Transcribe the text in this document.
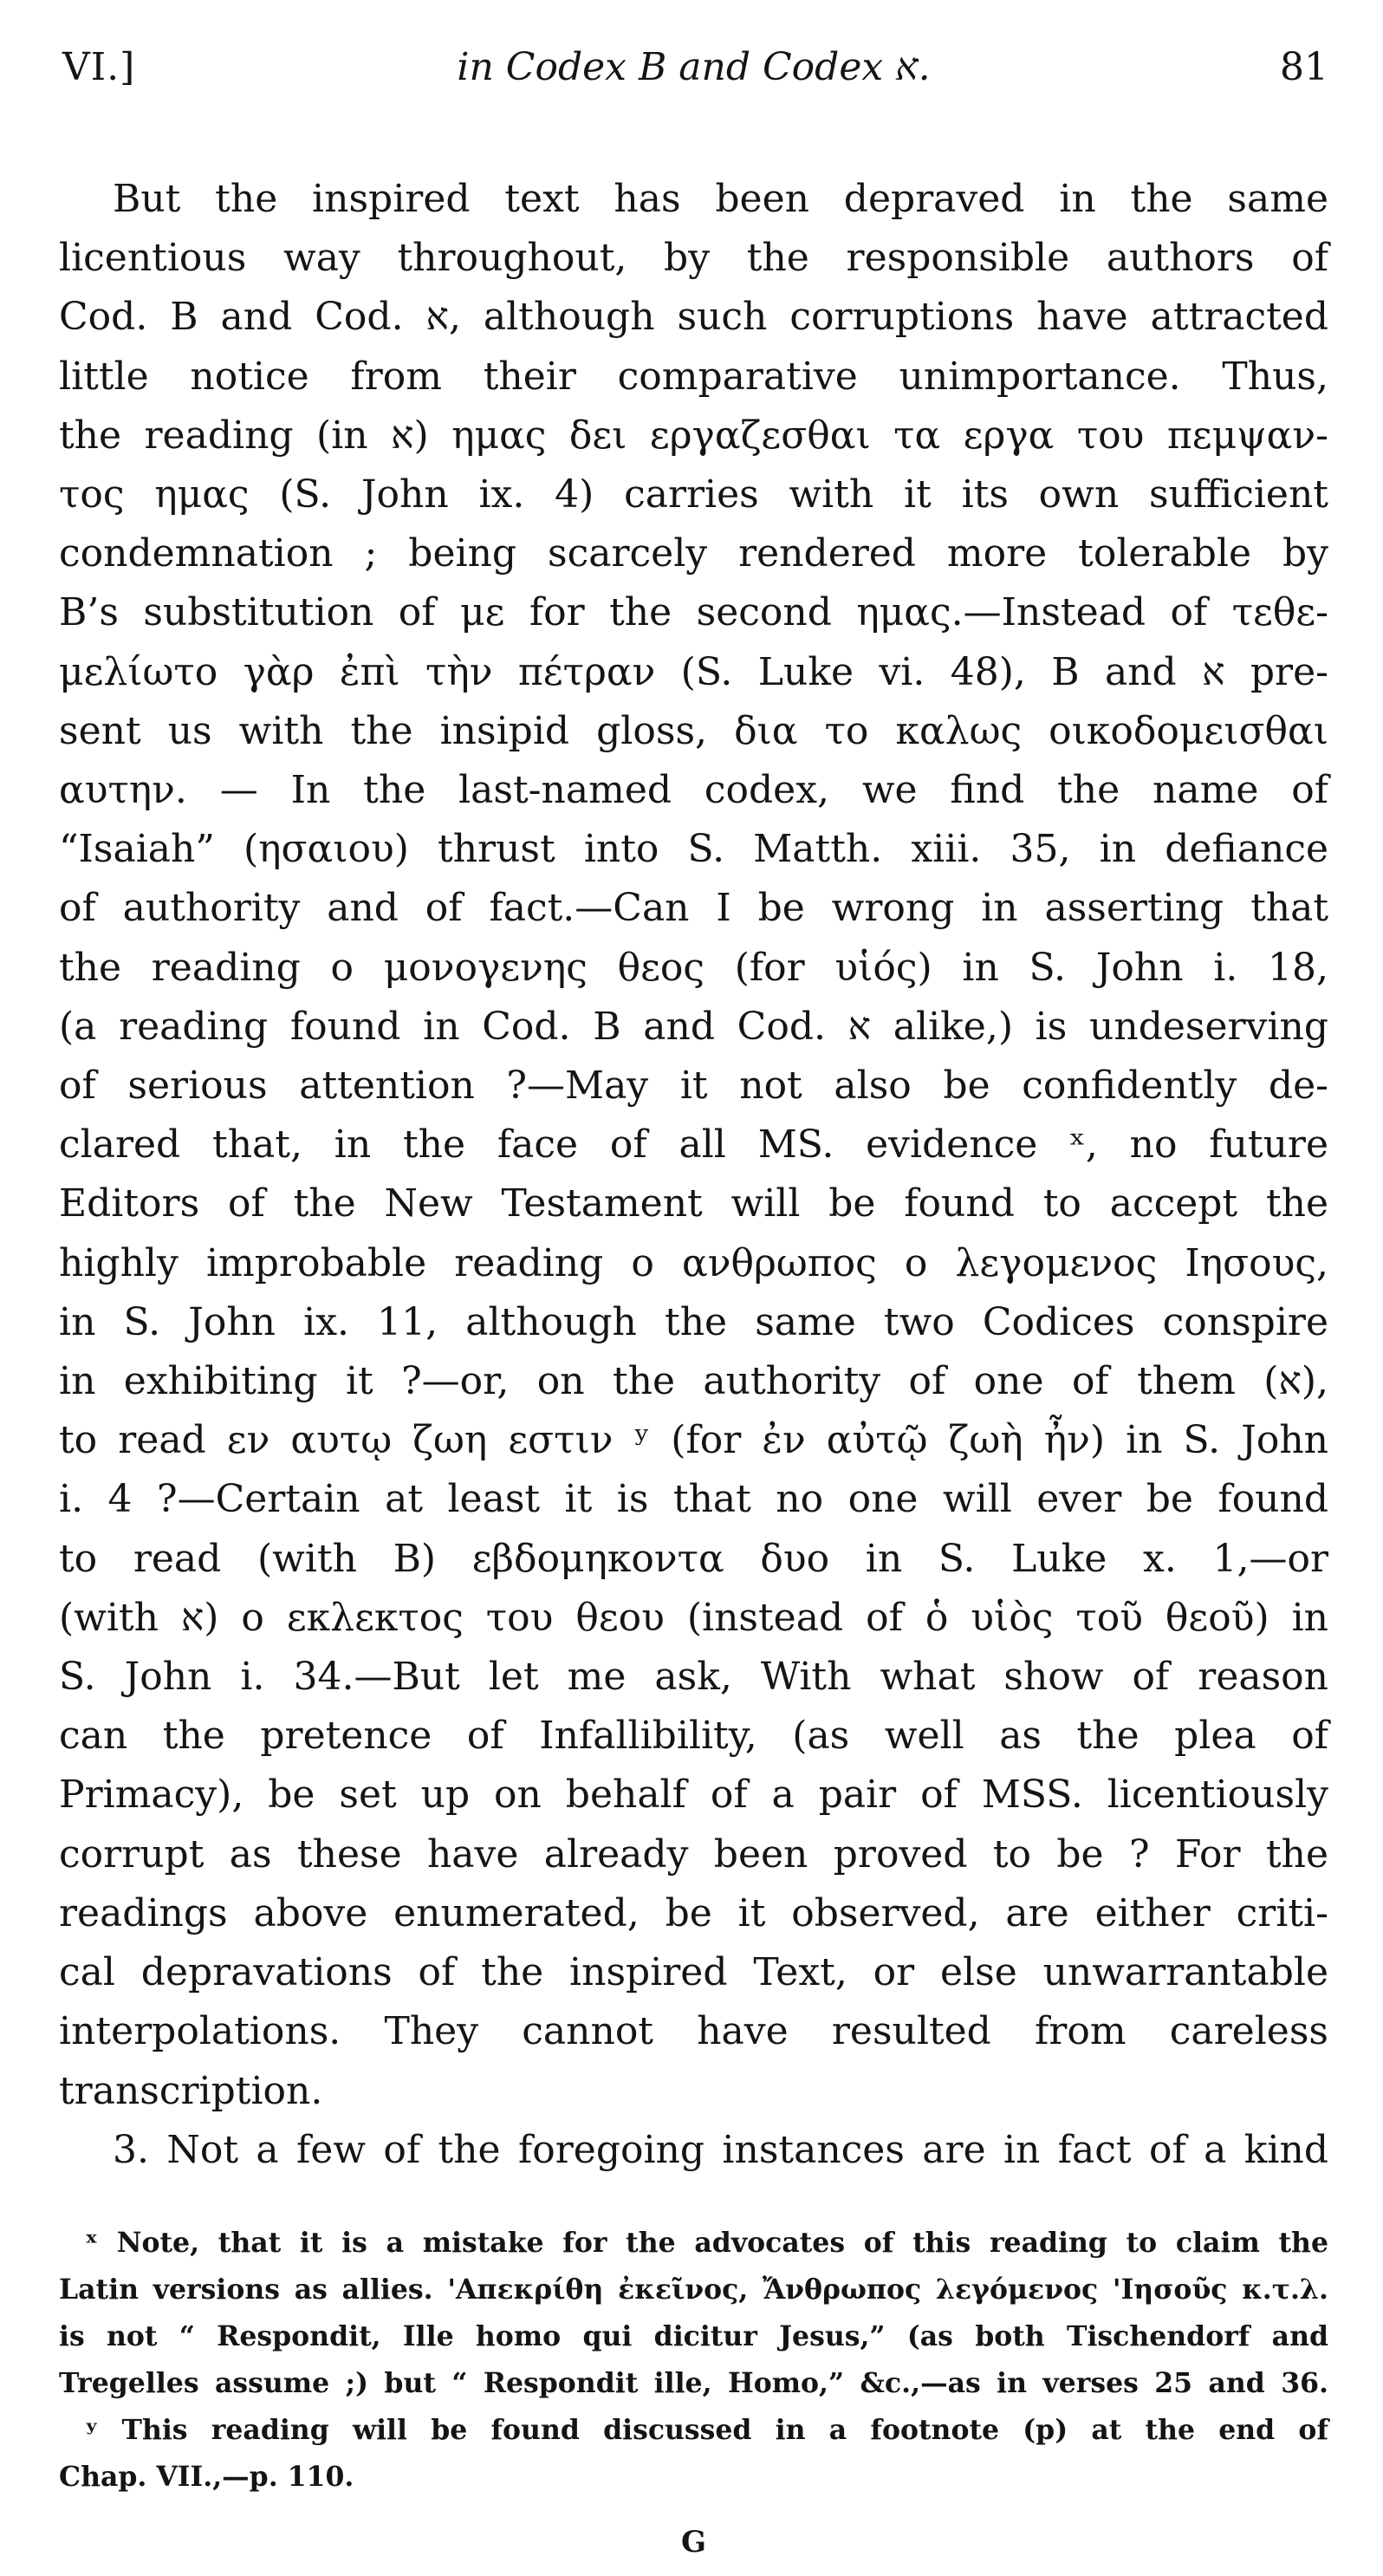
VI.]	in Codex B and Codex א.	81
But the inspired text has been depraved in the same
licentious way throughout, by the responsible authors of
Cod. B and Cod. א, although such corruptions have attracted
little notice from their comparative unimportance. Thus,
the reading (in א) ημας δει εργαζεσθαι τα εργα του πεμψαν-
τος ημας (S. John ix. 4) carries with it its own sufficient
condemnation ; being scarcely rendered more tolerable by
B’s substitution of με for the second ημας.—Instead of τεθε-
μελίωτο γὰρ ἐπὶ τὴν πέτραν (S. Luke vi. 48), B and א pre-
sent us with the insipid gloss, δια το καλως οικοδομεισθαι
αυτην. — In the last-named codex, we find the name of
“Isaiah” (ησαιου) thrust into S. Matth. xiii. 35, in defiance
of authority and of fact.—Can I be wrong in asserting that
the reading ο μονογενης θεος (for υἱός) in S. John i. 18,
(a reading found in Cod. B and Cod. א alike,) is undeserving
of serious attention ?—May it not also be confidently de-
clared that, in the face of all MS. evidence ˣ, no future
Editors of the New Testament will be found to accept the
highly improbable reading ο ανθρωπος ο λεγομενος Ιησους,
in S. John ix. 11, although the same two Codices conspire
in exhibiting it ?—or, on the authority of one of them (א),
to read εν αυτῳ ζωη εστιν ʸ (for ἐν αὐτῷ ζωὴ ἦν) in S. John
i. 4 ?—Certain at least it is that no one will ever be found
to read (with B) εβδομηκοντα δυο in S. Luke x. 1,—or
(with א) ο εκλεκτος του θεου (instead of ὁ υἱὸς τοῦ θεοῦ) in
S. John i. 34.—But let me ask, With what show of reason
can the pretence of Infallibility, (as well as the plea of
Primacy), be set up on behalf of a pair of MSS. licentiously
corrupt as these have already been proved to be ? For the
readings above enumerated, be it observed, are either criti-
cal depravations of the inspired Text, or else unwarrantable
interpolations. They cannot have resulted from careless
transcription.
3. Not a few of the foregoing instances are in fact of a kind
ˣ Note, that it is a mistake for the advocates of this reading to claim the
Latin versions as allies. 'Απεκρίθη ἐκεῖνος, Ἄνθρωπος λεγόμενος 'Ιησοῦς κ.τ.λ.
is not “ Respondit, Ille homo qui dicitur Jesus,” (as both Tischendorf and
Tregelles assume ;) but “ Respondit ille, Homo,” &c.,—as in verses 25 and 36.
ʸ This reading will be found discussed in a footnote (p) at the end of
Chap. VII.,—p. 110.
G
